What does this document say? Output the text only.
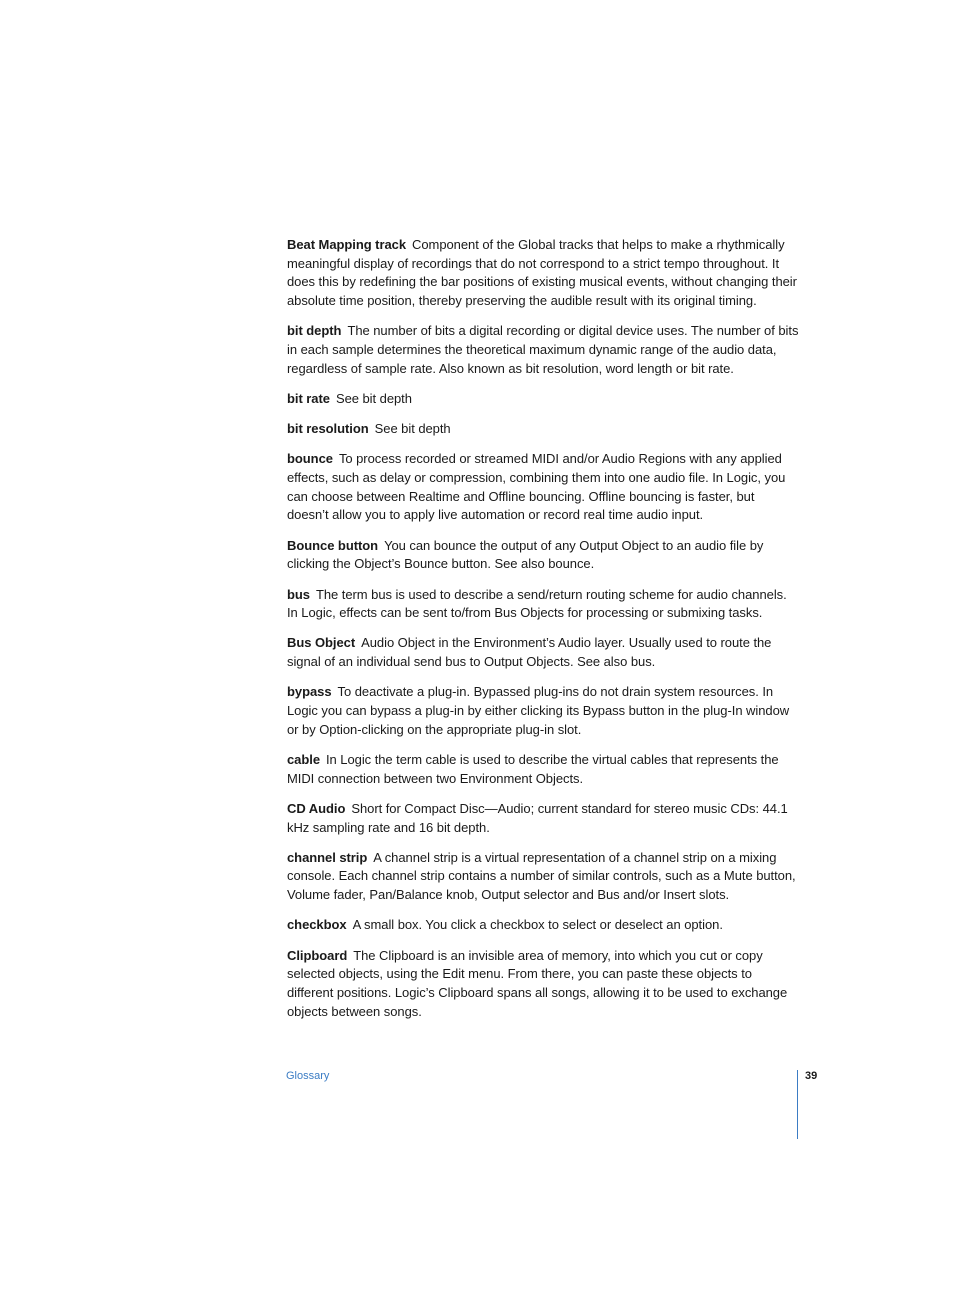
Beat Mapping track Component of the Global tracks that helps to make a rhythmically meaningful display of recordings that do not correspond to a strict tempo throughout. It does this by redefining the bar positions of existing musical events, without changing their absolute time position, thereby preserving the audible result with its original timing.

bit depth The number of bits a digital recording or digital device uses. The number of bits in each sample determines the theoretical maximum dynamic range of the audio data, regardless of sample rate. Also known as bit resolution, word length or bit rate.

bit rate See bit depth

bit resolution See bit depth

bounce To process recorded or streamed MIDI and/or Audio Regions with any applied effects, such as delay or compression, combining them into one audio file. In Logic, you can choose between Realtime and Offline bouncing. Offline bouncing is faster, but doesn’t allow you to apply live automation or record real time audio input.

Bounce button You can bounce the output of any Output Object to an audio file by clicking the Object’s Bounce button. See also bounce.

bus The term bus is used to describe a send/return routing scheme for audio channels. In Logic, effects can be sent to/from Bus Objects for processing or submixing tasks.

Bus Object Audio Object in the Environment’s Audio layer. Usually used to route the signal of an individual send bus to Output Objects. See also bus.

bypass To deactivate a plug-in. Bypassed plug-ins do not drain system resources. In Logic you can bypass a plug-in by either clicking its Bypass button in the plug-In window or by Option-clicking on the appropriate plug-in slot.

cable In Logic the term cable is used to describe the virtual cables that represents the MIDI connection between two Environment Objects.

CD Audio Short for Compact Disc—Audio; current standard for stereo music CDs: 44.1 kHz sampling rate and 16 bit depth.

channel strip A channel strip is a virtual representation of a channel strip on a mixing console. Each channel strip contains a number of similar controls, such as a Mute button, Volume fader, Pan/Balance knob, Output selector and Bus and/or Insert slots.

checkbox A small box. You click a checkbox to select or deselect an option.

Clipboard The Clipboard is an invisible area of memory, into which you cut or copy selected objects, using the Edit menu. From there, you can paste these objects to different positions. Logic’s Clipboard spans all songs, allowing it to be used to exchange objects between songs.

Glossary	39
